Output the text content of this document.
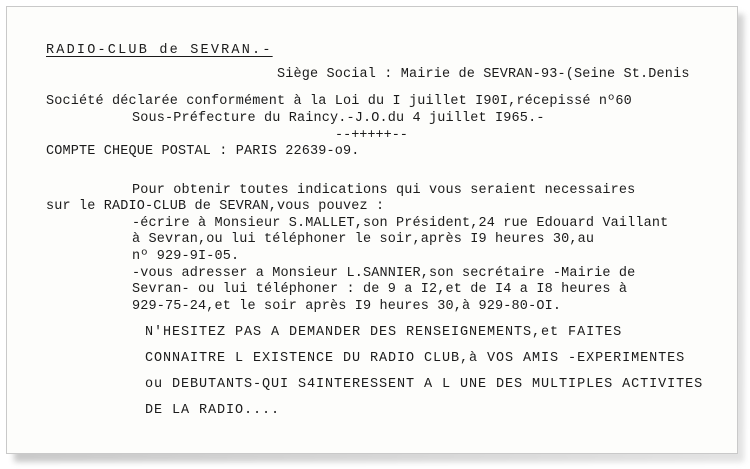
RADIO-CLUB de SEVRAN.-
Siège Social : Mairie de SEVRAN-93-(Seine St.Denis
Société déclarée conformément à la Loi du I juillet I90I,récepissé nº60
Sous-Préfecture du Raincy.-J.O.du 4 juillet I965.-
--+++++--
COMPTE CHEQUE POSTAL : PARIS 22639-o9.
Pour obtenir toutes indications qui vous seraient necessaires
sur le RADIO-CLUB de SEVRAN,vous pouvez :
-écrire à Monsieur S.MALLET,son Président,24 rue Edouard Vaillant
à Sevran,ou lui téléphoner le soir,après I9 heures 30,au
nº 929-9I-05.
-vous adresser a Monsieur L.SANNIER,son secrétaire -Mairie de
Sevran- ou lui téléphoner : de 9 a I2,et de I4 a I8 heures à
929-75-24,et le soir après I9 heures 30,à 929-80-OI.
N'HESITEZ PAS A DEMANDER DES RENSEIGNEMENTS,et FAITES
CONNAITRE L EXISTENCE DU RADIO CLUB,à VOS AMIS -EXPERIMENTES
ou DEBUTANTS-QUI S4INTERESSENT A L UNE DES MULTIPLES ACTIVITES
DE LA RADIO....
